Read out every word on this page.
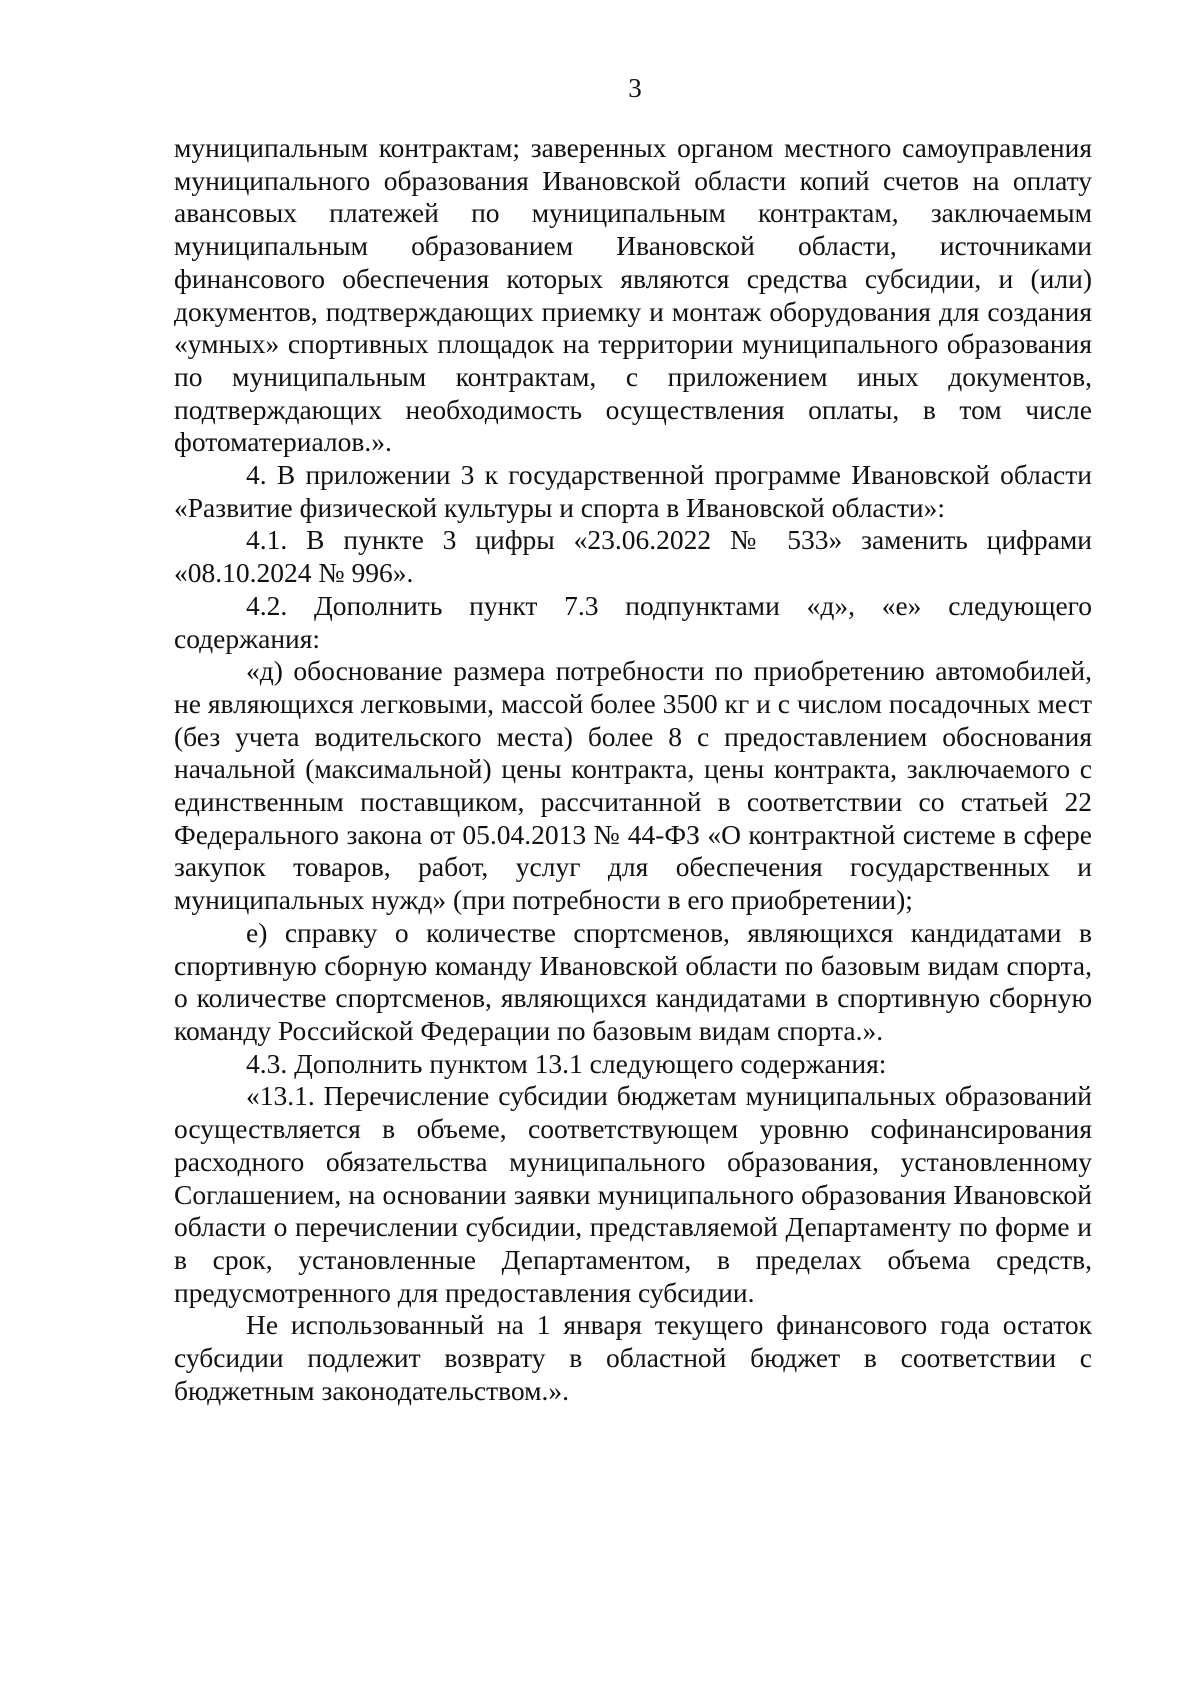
3

муниципальным контрактам; заверенных органом местного самоуправления муниципального образования Ивановской области копий счетов на оплату авансовых платежей по муниципальным контрактам, заключаемым муниципальным образованием Ивановской области, источниками финансового обеспечения которых являются средства субсидии, и (или) документов, подтверждающих приемку и монтаж оборудования для создания «умных» спортивных площадок на территории муниципального образования по муниципальным контрактам, с приложением иных документов, подтверждающих необходимость осуществления оплаты, в том числе фотоматериалов.».

4. В приложении 3 к государственной программе Ивановской области «Развитие физической культуры и спорта в Ивановской области»:

4.1. В пункте 3 цифры «23.06.2022 № 533» заменить цифрами «08.10.2024 № 996».

4.2. Дополнить пункт 7.3 подпунктами «д», «е» следующего содержания:

«д) обоснование размера потребности по приобретению автомобилей, не являющихся легковыми, массой более 3500 кг и с числом посадочных мест (без учета водительского места) более 8 с предоставлением обоснования начальной (максимальной) цены контракта, цены контракта, заключаемого с единственным поставщиком, рассчитанной в соответствии со статьей 22 Федерального закона от 05.04.2013 № 44-ФЗ «О контрактной системе в сфере закупок товаров, работ, услуг для обеспечения государственных и муниципальных нужд» (при потребности в его приобретении);

е) справку о количестве спортсменов, являющихся кандидатами в спортивную сборную команду Ивановской области по базовым видам спорта, о количестве спортсменов, являющихся кандидатами в спортивную сборную команду Российской Федерации по базовым видам спорта.».

4.3. Дополнить пунктом 13.1 следующего содержания:

«13.1. Перечисление субсидии бюджетам муниципальных образований осуществляется в объеме, соответствующем уровню софинансирования расходного обязательства муниципального образования, установленному Соглашением, на основании заявки муниципального образования Ивановской области о перечислении субсидии, представляемой Департаменту по форме и в срок, установленные Департаментом, в пределах объема средств, предусмотренного для предоставления субсидии.

Не использованный на 1 января текущего финансового года остаток субсидии подлежит возврату в областной бюджет в соответствии с бюджетным законодательством.».
